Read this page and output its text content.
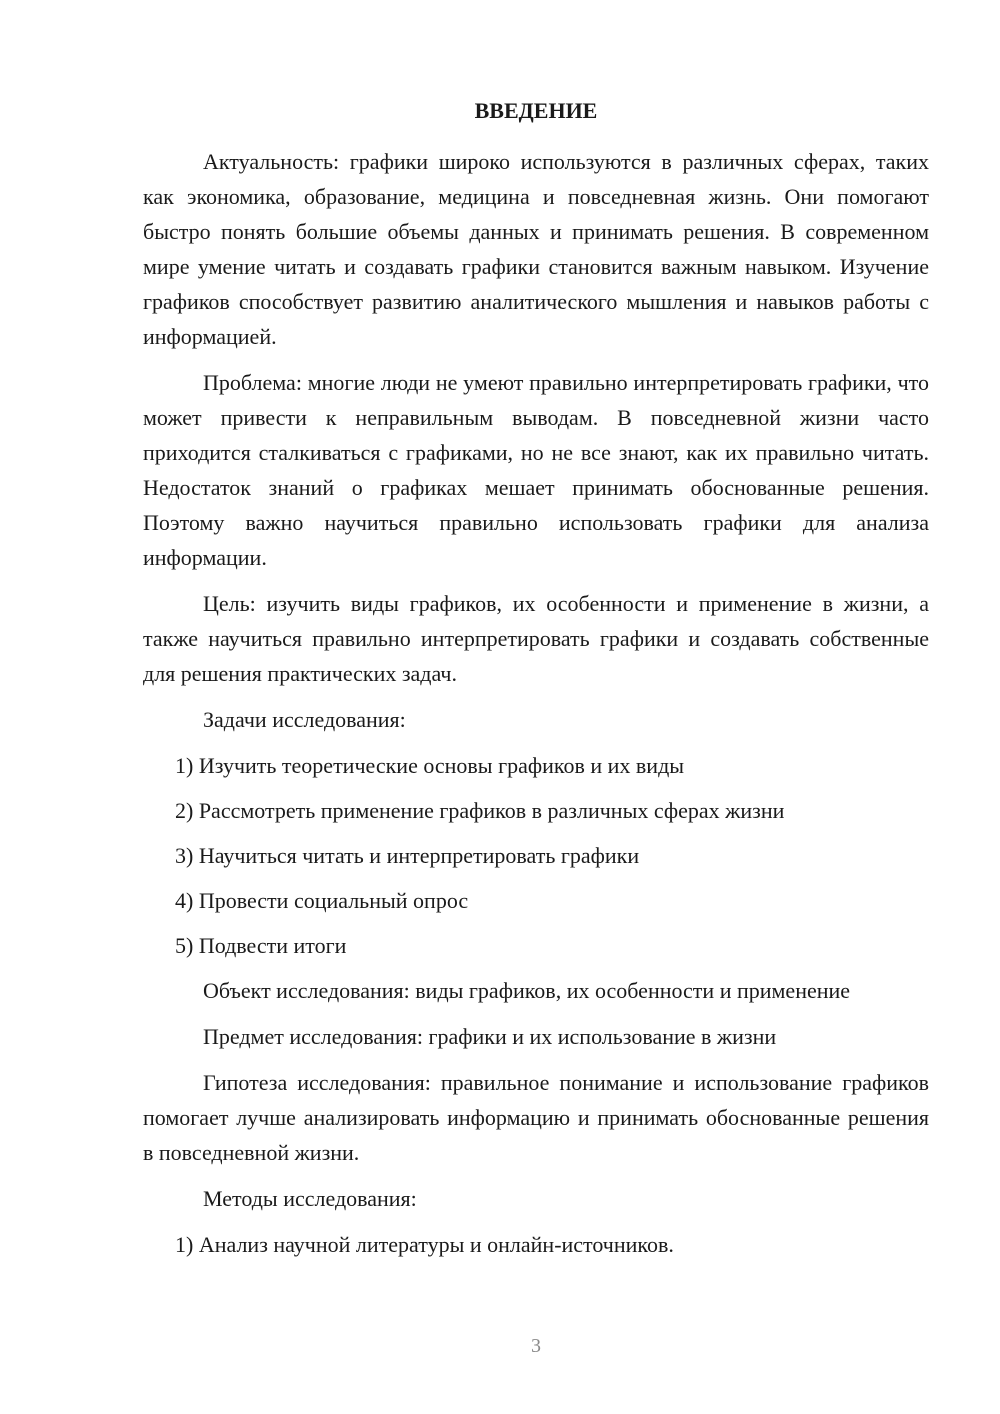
ВВЕДЕНИЕ

Актуальность: графики широко используются в различных сферах, таких как экономика, образование, медицина и повседневная жизнь. Они помогают быстро понять большие объемы данных и принимать решения. В современном мире умение читать и создавать графики становится важным навыком. Изучение графиков способствует развитию аналитического мышления и навыков работы с информацией.

Проблема: многие люди не умеют правильно интерпретировать графики, что может привести к неправильным выводам. В повседневной жизни часто приходится сталкиваться с графиками, но не все знают, как их правильно читать. Недостаток знаний о графиках мешает принимать обоснованные решения. Поэтому важно научиться правильно использовать графики для анализа информации.

Цель: изучить виды графиков, их особенности и применение в жизни, а также научиться правильно интерпретировать графики и создавать собственные для решения практических задач.

Задачи исследования:

1) Изучить теоретические основы графиков и их виды

2) Рассмотреть применение графиков в различных сферах жизни

3) Научиться читать и интерпретировать графики

4) Провести социальный опрос

5) Подвести итоги

Объект исследования: виды графиков, их особенности и применение

Предмет исследования: графики и их использование в жизни

Гипотеза исследования: правильное понимание и использование графиков помогает лучше анализировать информацию и принимать обоснованные решения в повседневной жизни.

Методы исследования:

1) Анализ научной литературы и онлайн-источников.

3
